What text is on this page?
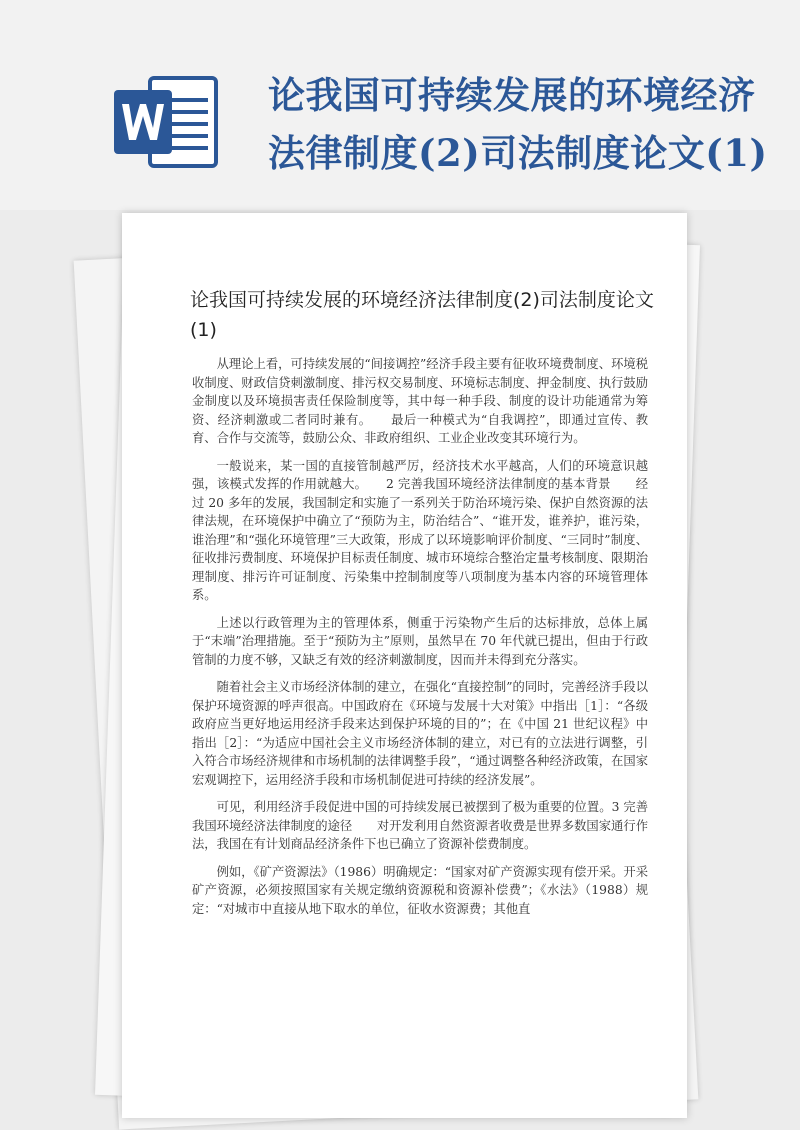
论我国可持续发展的环境经济
法律制度(2)司法制度论文(1)
论我国可持续发展的环境经济法律制度(2)司法制度论文(1)

从理论上看，可持续发展的“间接调控”经济手段主要有征收环境费制度、环境税收制度、财政信贷刺激制度、排污权交易制度、环境标志制度、押金制度、执行鼓励金制度以及环境损害责任保险制度等，其中每一种手段、制度的设计功能通常为筹资、经济刺激或二者同时兼有。　　最后一种模式为“自我调控”，即通过宣传、教育、合作与交流等，鼓励公众、非政府组织、工业企业改变其环境行为。

一般说来，某一国的直接管制越严厉，经济技术水平越高，人们的环境意识越强，该模式发挥的作用就越大。　　2 完善我国环境经济法律制度的基本背景　　经过 20 多年的发展，我国制定和实施了一系列关于防治环境污染、保护自然资源的法律法规，在环境保护中确立了“预防为主，防治结合”、“谁开发，谁养护，谁污染，谁治理”和“强化环境管理”三大政策，形成了以环境影响评价制度、“三同时”制度、征收排污费制度、环境保护目标责任制度、城市环境综合整治定量考核制度、限期治理制度、排污许可证制度、污染集中控制制度等八项制度为基本内容的环境管理体系。

上述以行政管理为主的管理体系，侧重于污染物产生后的达标排放，总体上属于“末端”治理措施。至于“预防为主”原则，虽然早在 70 年代就已提出，但由于行政管制的力度不够，又缺乏有效的经济刺激制度，因而并未得到充分落实。

随着社会主义市场经济体制的建立，在强化“直接控制”的同时，完善经济手段以保护环境资源的呼声很高。中国政府在《环境与发展十大对策》中指出［1］：“各级政府应当更好地运用经济手段来达到保护环境的目的”；在《中国 21 世纪议程》中指出［2］：“为适应中国社会主义市场经济体制的建立，对已有的立法进行调整，引入符合市场经济规律和市场机制的法律调整手段”，“通过调整各种经济政策，在国家宏观调控下，运用经济手段和市场机制促进可持续的经济发展”。

可见，利用经济手段促进中国的可持续发展已被摆到了极为重要的位置。3 完善我国环境经济法律制度的途径　　对开发利用自然资源者收费是世界多数国家通行作法，我国在有计划商品经济条件下也已确立了资源补偿费制度。

例如，《矿产资源法》（1986）明确规定：“国家对矿产资源实现有偿开采。开采矿产资源，必须按照国家有关规定缴纳资源税和资源补偿费”；《水法》（1988）规定：“对城市中直接从地下取水的单位，征收水资源费；其他直
